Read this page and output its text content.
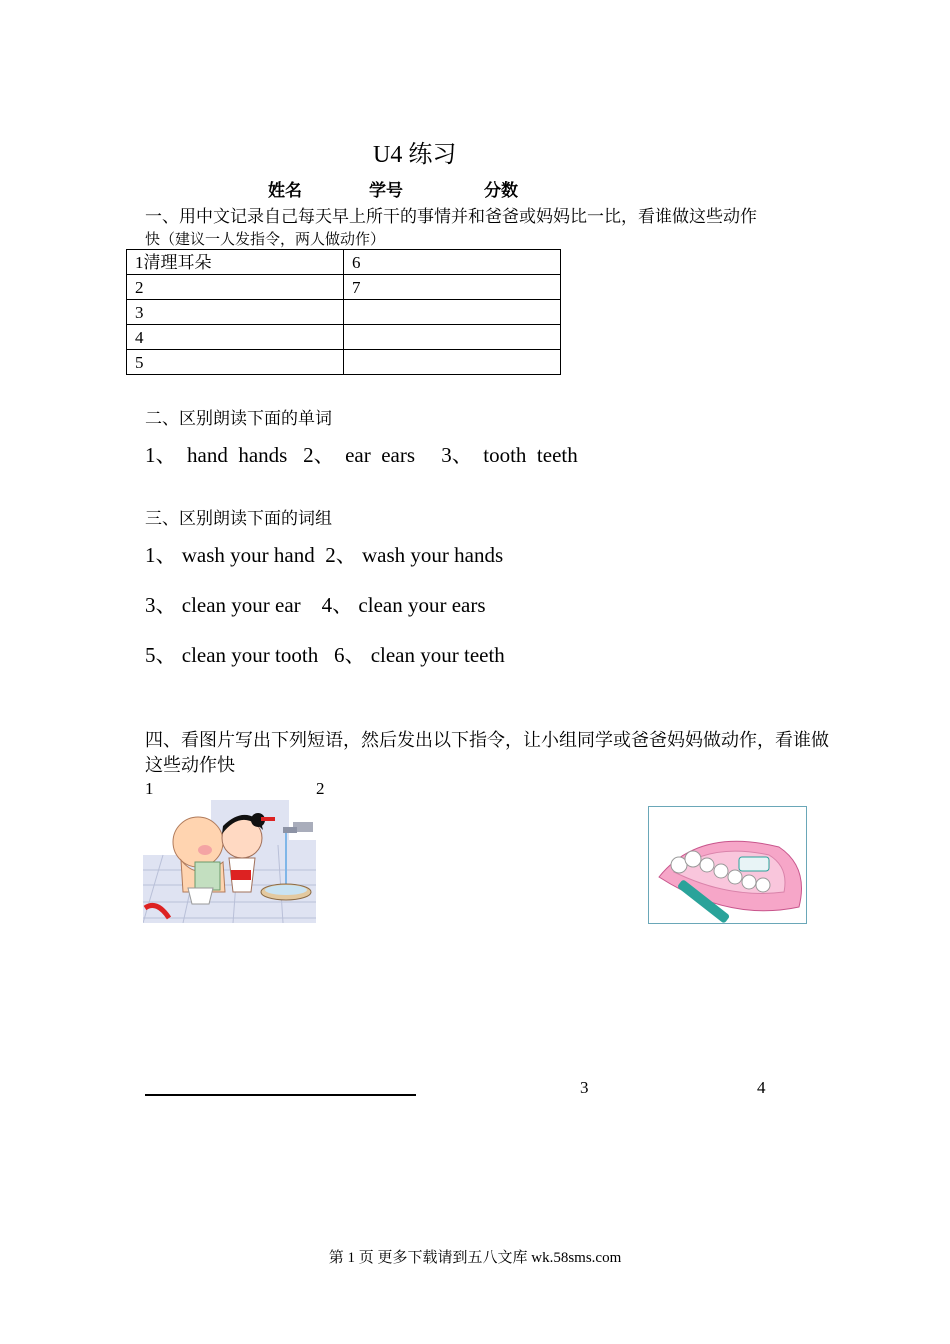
U4 练习
姓名	学号	分数
一、用中文记录自己每天早上所干的事情并和爸爸或妈妈比一比，看谁做这些动作
快（建议一人发指令，两人做动作）
1清理耳朵	6
2	7
3	
4	
5	
二、区别朗读下面的单词
1、  hand  hands   2、  ear  ears     3、  tooth  teeth
三、区别朗读下面的词组
1、 wash your hand  2、 wash your hands
3、 clean your ear    4、 clean your ears
5、 clean your tooth   6、 clean your teeth
四、看图片写出下列短语，然后发出以下指令，让小组同学或爸爸妈妈做动作，看谁做这些动作快
1	2
3	4
第 1 页 更多下载请到五八文库 wk.58sms.com
